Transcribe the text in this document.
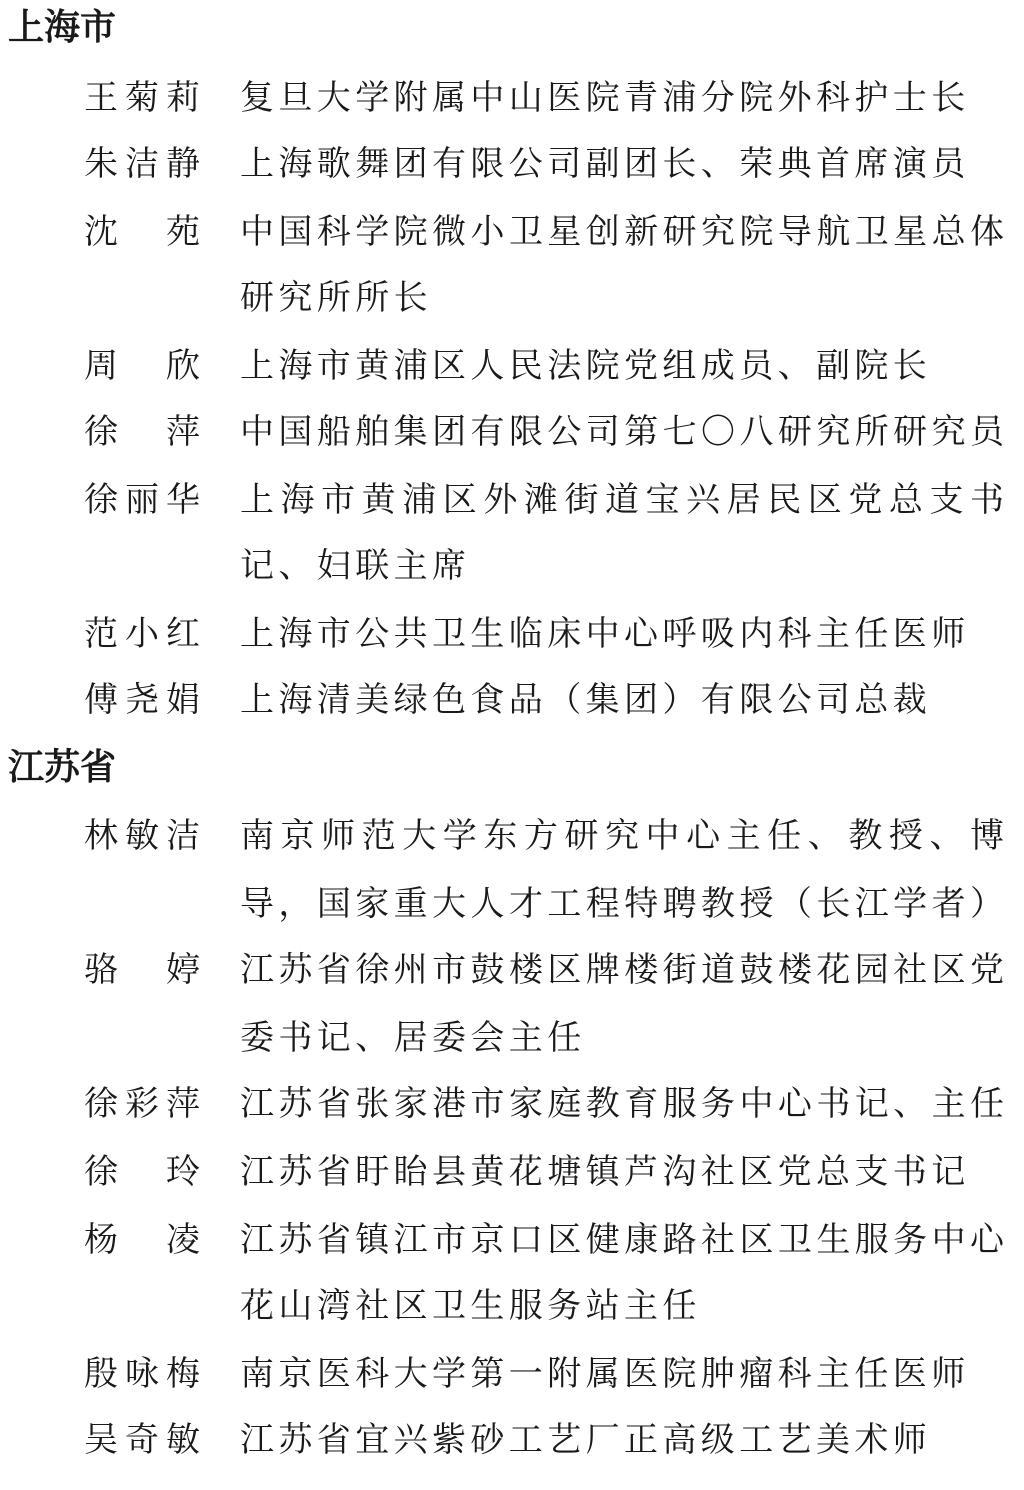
上海市
王菊莉 复旦大学附属中山医院青浦分院外科护士长
朱洁静 上海歌舞团有限公司副团长、荣典首席演员
沈　苑 中国科学院微小卫星创新研究院导航卫星总体
研究所所长
周　欣 上海市黄浦区人民法院党组成员、副院长
徐　萍 中国船舶集团有限公司第七〇八研究所研究员
徐丽华 上海市黄浦区外滩街道宝兴居民区党总支书
记、妇联主席
范小红 上海市公共卫生临床中心呼吸内科主任医师
傅尧娟 上海清美绿色食品（集团）有限公司总裁
江苏省
林敏洁 南京师范大学东方研究中心主任、教授、博
导，国家重大人才工程特聘教授（长江学者）
骆　婷 江苏省徐州市鼓楼区牌楼街道鼓楼花园社区党
委书记、居委会主任
徐彩萍 江苏省张家港市家庭教育服务中心书记、主任
徐　玲 江苏省盱眙县黄花塘镇芦沟社区党总支书记
杨　凌 江苏省镇江市京口区健康路社区卫生服务中心
花山湾社区卫生服务站主任
殷咏梅 南京医科大学第一附属医院肿瘤科主任医师
吴奇敏 江苏省宜兴紫砂工艺厂正高级工艺美术师
